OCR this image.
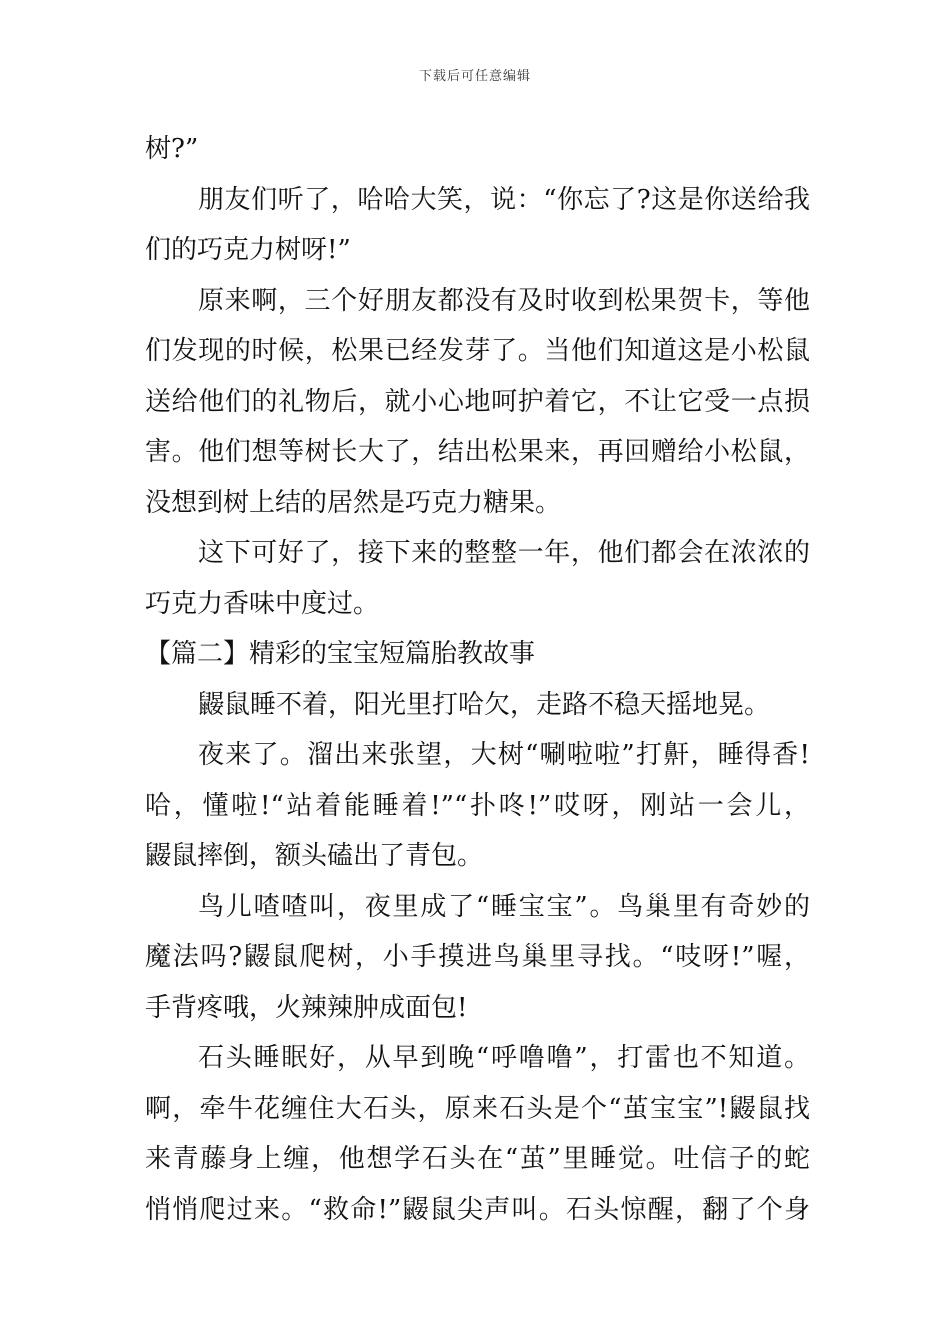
下载后可任意编辑
树?”
朋友们听了，哈哈大笑，说：“你忘了?这是你送给我
们的巧克力树呀!”
原来啊，三个好朋友都没有及时收到松果贺卡，等他
们发现的时候，松果已经发芽了。当他们知道这是小松鼠
送给他们的礼物后，就小心地呵护着它，不让它受一点损
害。他们想等树长大了，结出松果来，再回赠给小松鼠，
没想到树上结的居然是巧克力糖果。
这下可好了，接下来的整整一年，他们都会在浓浓的
巧克力香味中度过。
【篇二】精彩的宝宝短篇胎教故事
鼹鼠睡不着，阳光里打哈欠，走路不稳天摇地晃。
夜来了。溜出来张望，大树“唰啦啦”打鼾，睡得香!
哈，懂啦!“站着能睡着!”“扑咚!”哎呀，刚站一会儿，
鼹鼠摔倒，额头磕出了青包。
鸟儿喳喳叫，夜里成了“睡宝宝”。鸟巢里有奇妙的
魔法吗?鼹鼠爬树，小手摸进鸟巢里寻找。“吱呀!”喔，
手背疼哦，火辣辣肿成面包!
石头睡眠好，从早到晚“呼噜噜”，打雷也不知道。
啊，牵牛花缠住大石头，原来石头是个“茧宝宝”!鼹鼠找
来青藤身上缠，他想学石头在“茧”里睡觉。吐信子的蛇
悄悄爬过来。“救命!”鼹鼠尖声叫。石头惊醒，翻了个身
